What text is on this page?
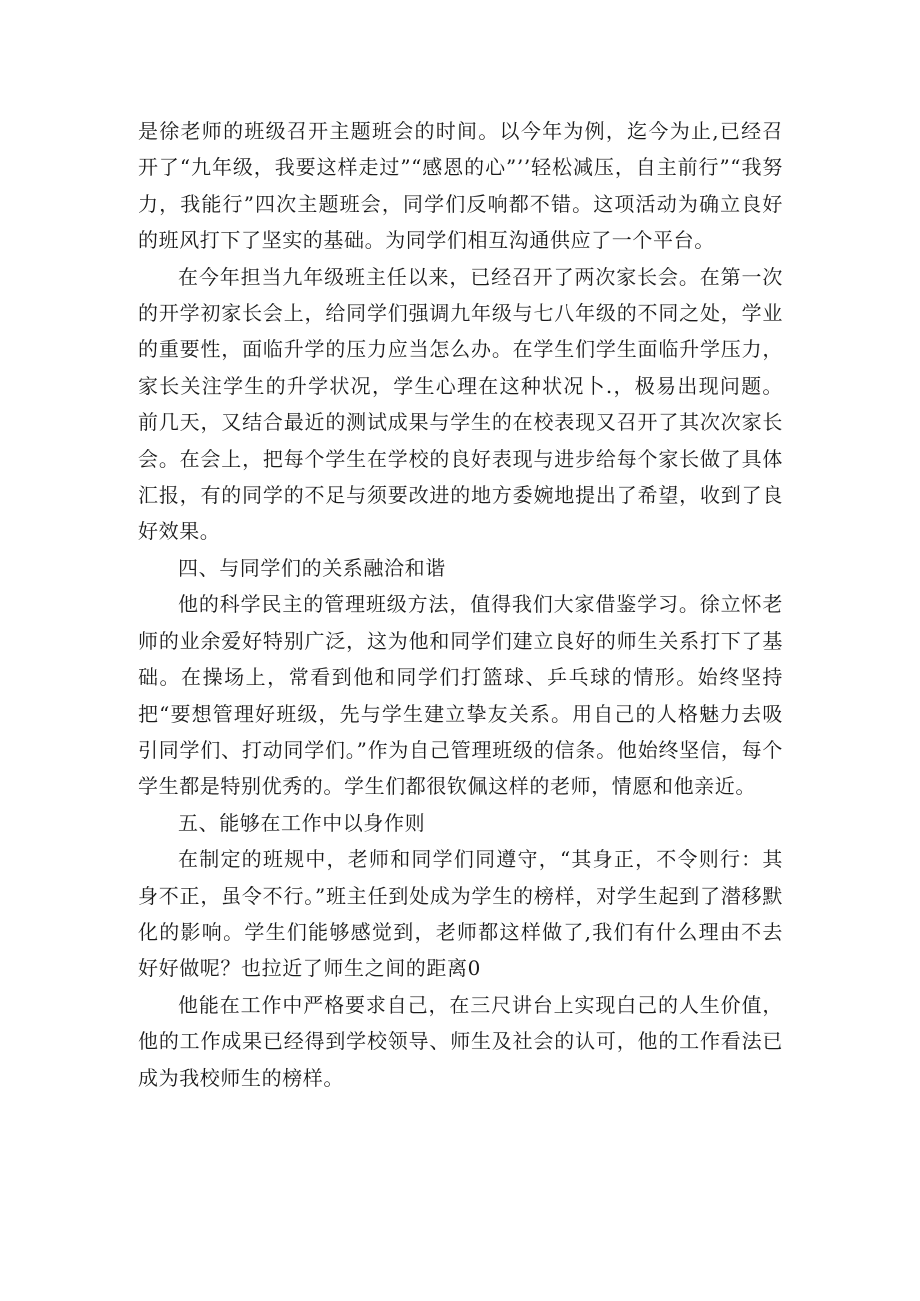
是徐老师的班级召开主题班会的时间。以今年为例，迄今为止,已经召开了“九年级，我要这样走过”“感恩的心”’’轻松减压，自主前行”“我努力，我能行”四次主题班会，同学们反响都不错。这项活动为确立良好的班风打下了坚实的基础。为同学们相互沟通供应了一个平台。

在今年担当九年级班主任以来，已经召开了两次家长会。在第一次的开学初家长会上，给同学们强调九年级与七八年级的不同之处，学业的重要性，面临升学的压力应当怎么办。在学生们学生面临升学压力，家长关注学生的升学状况，学生心理在这种状况卜.，极易出现问题。前几天，又结合最近的测试成果与学生的在校表现又召开了其次次家长会。在会上，把每个学生在学校的良好表现与进步给每个家长做了具体汇报，有的同学的不足与须要改进的地方委婉地提出了希望，收到了良好效果。

四、与同学们的关系融洽和谐

他的科学民主的管理班级方法，值得我们大家借鉴学习。徐立怀老师的业余爱好特别广泛，这为他和同学们建立良好的师生关系打下了基础。在操场上，常看到他和同学们打篮球、乒乓球的情形。始终坚持把“要想管理好班级，先与学生建立挚友关系。用自己的人格魅力去吸引同学们、打动同学们。”作为自己管理班级的信条。他始终坚信，每个学生都是特别优秀的。学生们都很钦佩这样的老师，情愿和他亲近。

五、能够在工作中以身作则

在制定的班规中，老师和同学们同遵守，“其身正，不令则行：其身不正，虽令不行。”班主任到处成为学生的榜样，对学生起到了潜移默化的影响。学生们能够感觉到，老师都这样做了,我们有什么理由不去好好做呢？也拉近了师生之间的距离0

他能在工作中严格要求自己，在三尺讲台上实现白己的人生价值，他的工作成果已经得到学校领导、师生及社会的认可，他的工作看法已成为我校师生的榜样。
